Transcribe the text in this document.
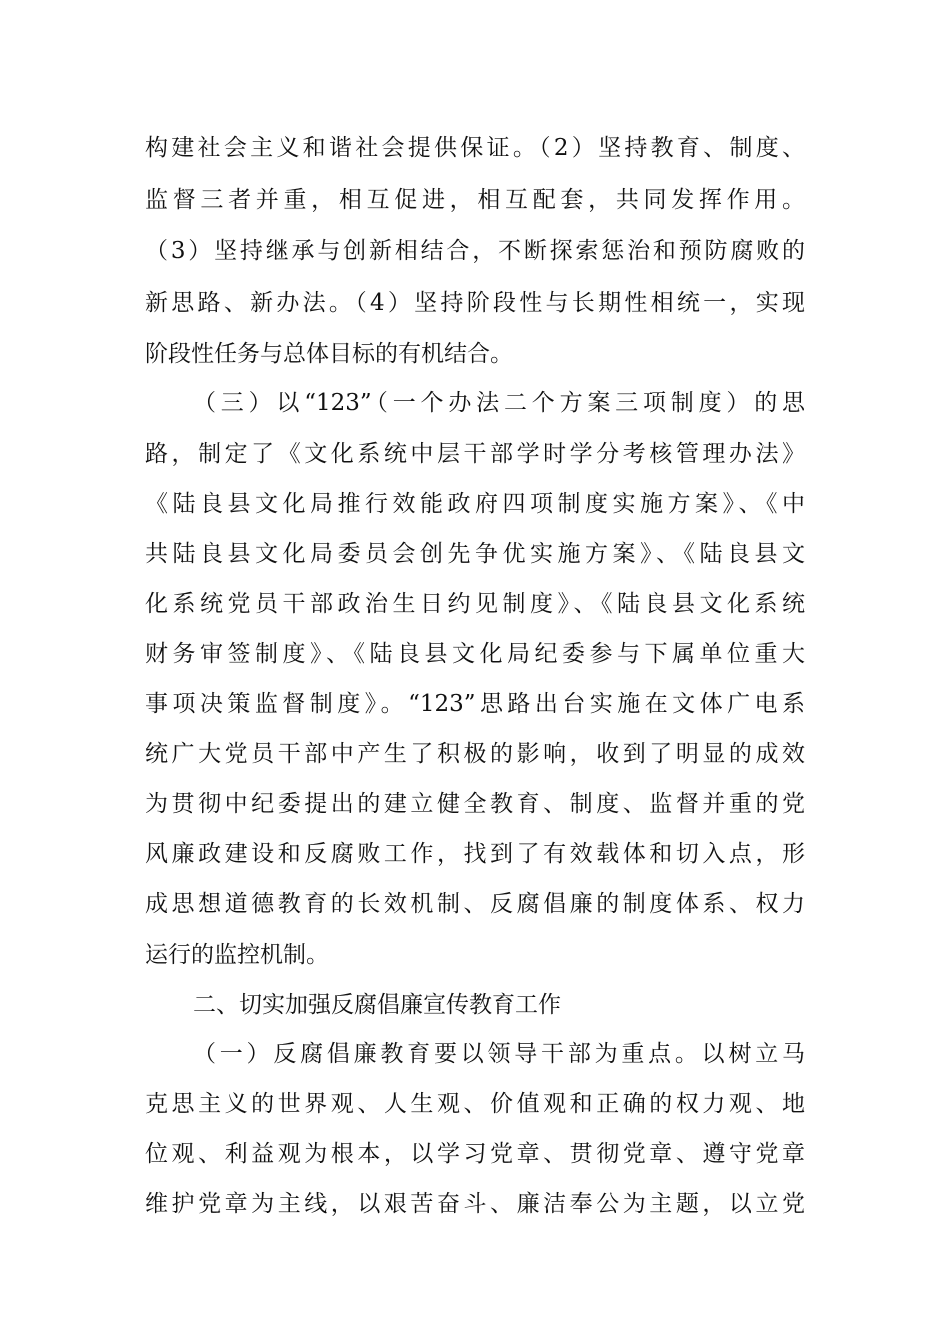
构建社会主义和谐社会提供保证。（2）坚持教育、制度、
监督三者并重，相互促进，相互配套，共同发挥作用。
（3）坚持继承与创新相结合，不断探索惩治和预防腐败的
新思路、新办法。（4）坚持阶段性与长期性相统一，实现
阶段性任务与总体目标的有机结合。
（三）以“123”（一个办法二个方案三项制度）的思
路，制定了《文化系统中层干部学时学分考核管理办法》
《陆良县文化局推行效能政府四项制度实施方案》、《中
共陆良县文化局委员会创先争优实施方案》、《陆良县文
化系统党员干部政治生日约见制度》、《陆良县文化系统
财务审签制度》、《陆良县文化局纪委参与下属单位重大
事项决策监督制度》。“123”思路出台实施在文体广电系
统广大党员干部中产生了积极的影响，收到了明显的成效
为贯彻中纪委提出的建立健全教育、制度、监督并重的党
风廉政建设和反腐败工作，找到了有效载体和切入点，形
成思想道德教育的长效机制、反腐倡廉的制度体系、权力
运行的监控机制。
二、切实加强反腐倡廉宣传教育工作
（一）反腐倡廉教育要以领导干部为重点。以树立马
克思主义的世界观、人生观、价值观和正确的权力观、地
位观、利益观为根本，以学习党章、贯彻党章、遵守党章
维护党章为主线，以艰苦奋斗、廉洁奉公为主题，以立党
